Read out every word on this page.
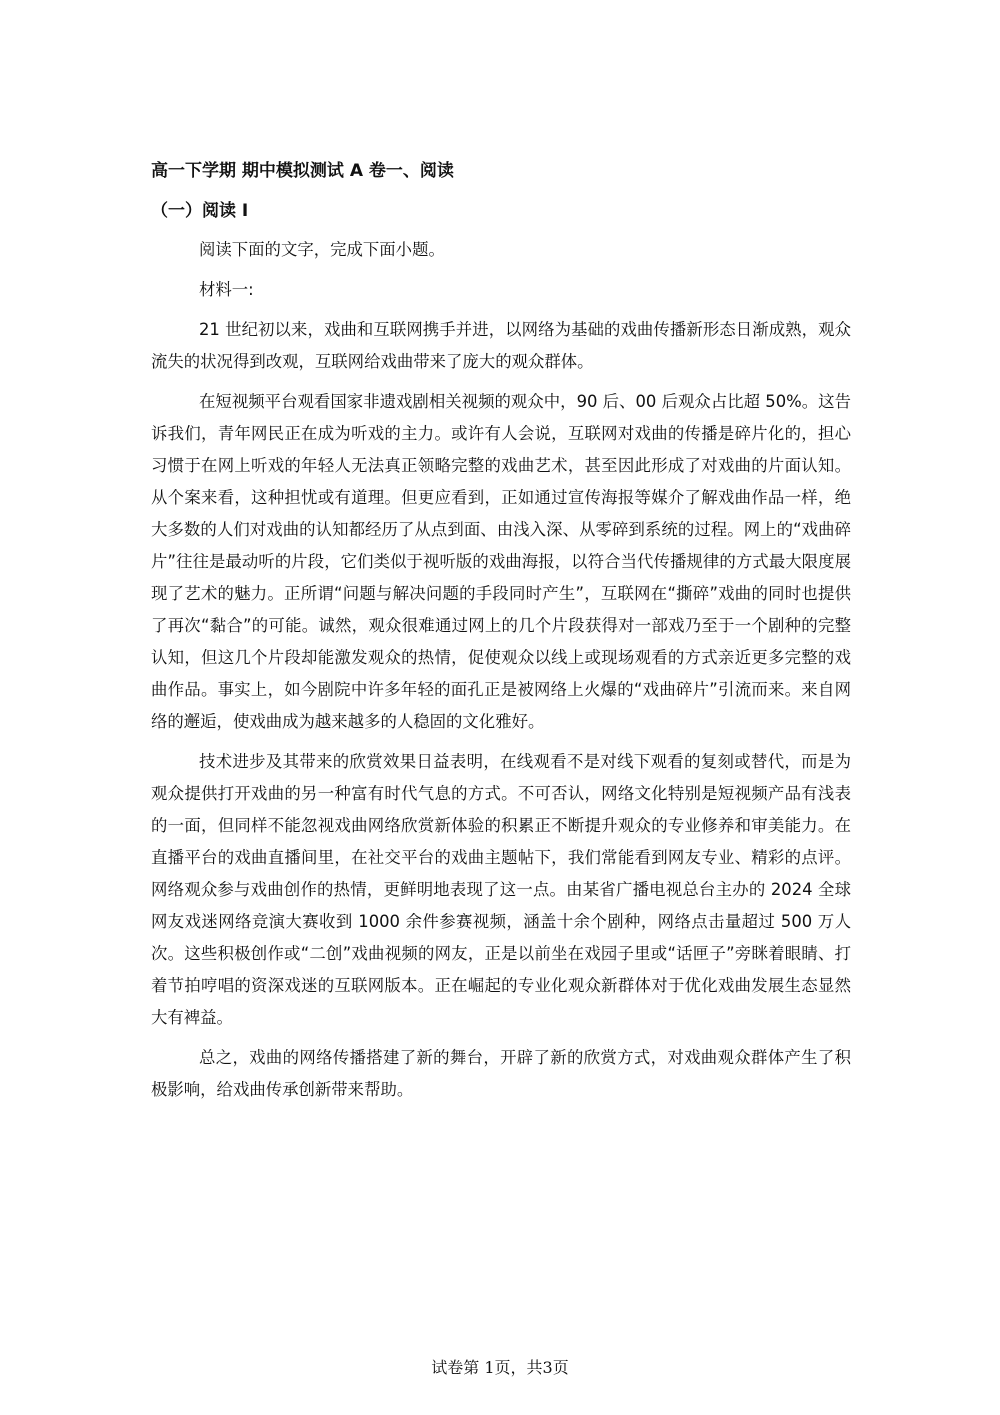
高一下学期 期中模拟测试 A 卷一、阅读
（一）阅读 I

阅读下面的文字，完成下面小题。

材料一:

21 世纪初以来，戏曲和互联网携手并进，以网络为基础的戏曲传播新形态日渐成熟，观众流失的状况得到改观，互联网给戏曲带来了庞大的观众群体。

在短视频平台观看国家非遗戏剧相关视频的观众中，90 后、00 后观众占比超 50%。这告诉我们，青年网民正在成为听戏的主力。或许有人会说，互联网对戏曲的传播是碎片化的，担心习惯于在网上听戏的年轻人无法真正领略完整的戏曲艺术，甚至因此形成了对戏曲的片面认知。从个案来看，这种担忧或有道理。但更应看到，正如通过宣传海报等媒介了解戏曲作品一样，绝大多数的人们对戏曲的认知都经历了从点到面、由浅入深、从零碎到系统的过程。网上的“戏曲碎片”往往是最动听的片段，它们类似于视听版的戏曲海报，以符合当代传播规律的方式最大限度展现了艺术的魅力。正所谓“问题与解决问题的手段同时产生”，互联网在“撕碎”戏曲的同时也提供了再次“黏合”的可能。诚然，观众很难通过网上的几个片段获得对一部戏乃至于一个剧种的完整认知，但这几个片段却能激发观众的热情，促使观众以线上或现场观看的方式亲近更多完整的戏曲作品。事实上，如今剧院中许多年轻的面孔正是被网络上火爆的“戏曲碎片”引流而来。来自网络的邂逅，使戏曲成为越来越多的人稳固的文化雅好。

技术进步及其带来的欣赏效果日益表明，在线观看不是对线下观看的复刻或替代，而是为观众提供打开戏曲的另一种富有时代气息的方式。不可否认，网络文化特别是短视频产品有浅表的一面，但同样不能忽视戏曲网络欣赏新体验的积累正不断提升观众的专业修养和审美能力。在直播平台的戏曲直播间里，在社交平台的戏曲主题帖下，我们常能看到网友专业、精彩的点评。网络观众参与戏曲创作的热情，更鲜明地表现了这一点。由某省广播电视总台主办的 2024 全球网友戏迷网络竞演大赛收到 1000 余件参赛视频，涵盖十余个剧种，网络点击量超过 500 万人次。这些积极创作或“二创”戏曲视频的网友，正是以前坐在戏园子里或“话匣子”旁眯着眼睛、打着节拍哼唱的资深戏迷的互联网版本。正在崛起的专业化观众新群体对于优化戏曲发展生态显然大有裨益。

总之，戏曲的网络传播搭建了新的舞台，开辟了新的欣赏方式，对戏曲观众群体产生了积极影响，给戏曲传承创新带来帮助。

试卷第 1页，共3页
